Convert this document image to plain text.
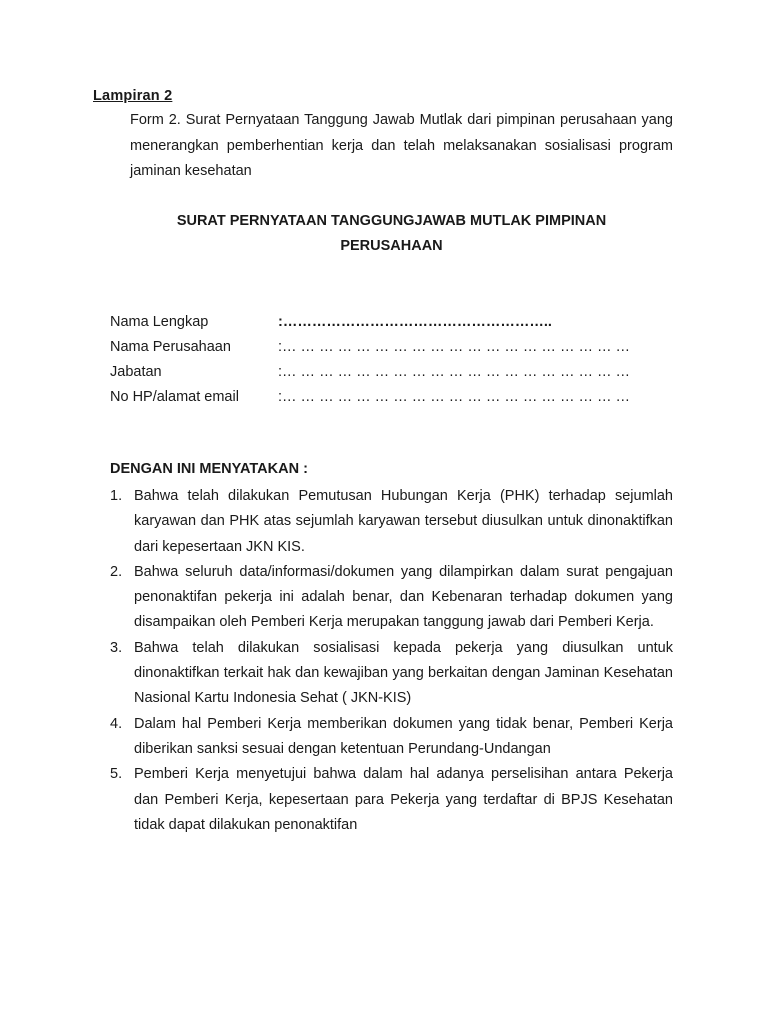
Lampiran 2
Form 2. Surat Pernyataan Tanggung Jawab Mutlak dari pimpinan perusahaan yang menerangkan pemberhentian kerja dan telah melaksanakan sosialisasi program jaminan kesehatan
SURAT PERNYATAAN TANGGUNGJAWAB MUTLAK PIMPINAN
PERUSAHAAN
Nama Lengkap	:………………………………………………..
Nama Perusahaan	:… … … … … … … … … … … … … … … … … … …
Jabatan	:… … … … … … … … … … … … … … … … … … …
No HP/alamat email	:… … … … … … … … … … … … … … … … … … …
DENGAN INI MENYATAKAN :
1. Bahwa telah dilakukan Pemutusan Hubungan Kerja (PHK) terhadap sejumlah karyawan dan PHK atas sejumlah karyawan tersebut diusulkan untuk dinonaktifkan dari kepesertaan JKN KIS.
2. Bahwa seluruh data/informasi/dokumen yang dilampirkan dalam surat pengajuan penonaktifan pekerja ini adalah benar, dan Kebenaran terhadap dokumen yang disampaikan oleh Pemberi Kerja merupakan tanggung jawab dari Pemberi Kerja.
3. Bahwa telah dilakukan sosialisasi kepada pekerja yang diusulkan untuk dinonaktifkan terkait hak dan kewajiban yang berkaitan dengan Jaminan Kesehatan Nasional Kartu Indonesia Sehat ( JKN-KIS)
4. Dalam hal Pemberi Kerja memberikan dokumen yang tidak benar, Pemberi Kerja diberikan sanksi sesuai dengan ketentuan Perundang-Undangan
5. Pemberi Kerja menyetujui bahwa dalam hal adanya perselisihan antara Pekerja dan Pemberi Kerja, kepesertaan para Pekerja yang terdaftar di BPJS Kesehatan tidak dapat dilakukan penonaktifan
